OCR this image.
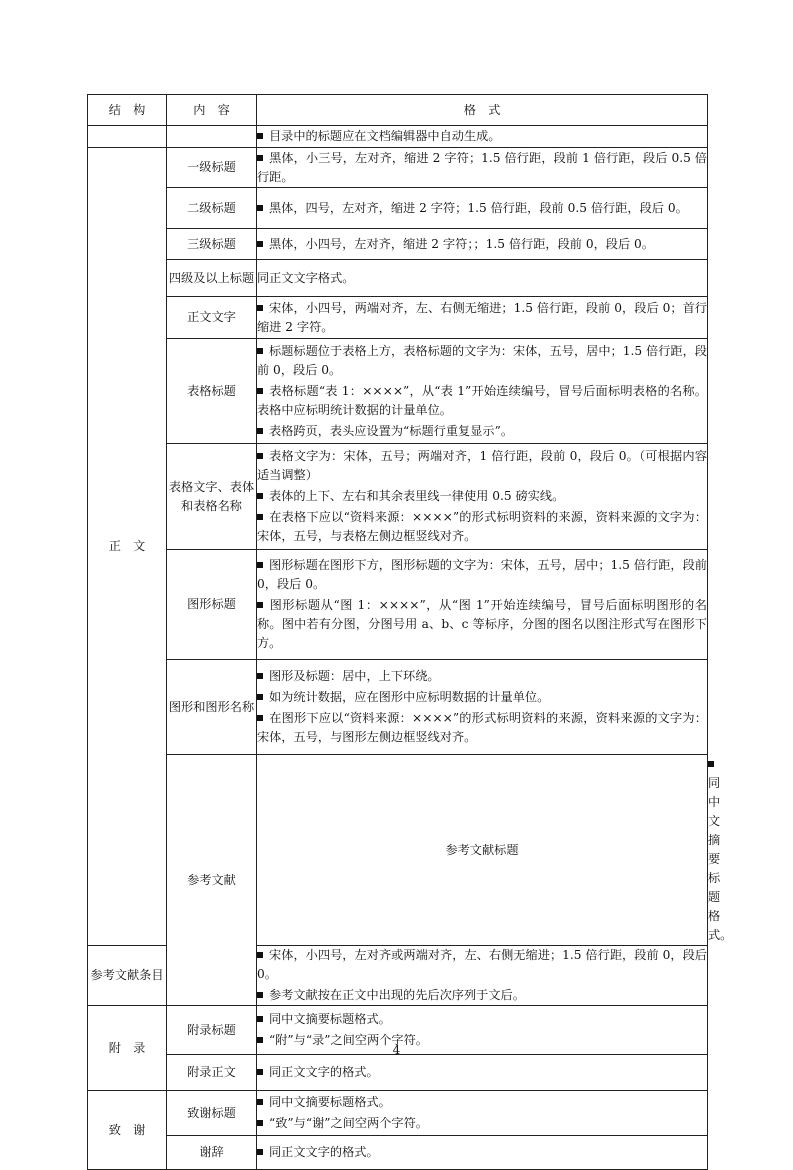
结　构	内　容	格　式	

		目录中的标题应在文档编辑器中自动生成。	

正　文	一级标题	黑体，小三号，左对齐，缩进 2 字符；1.5 倍行距，段前 1 倍行距，段后 0.5 倍行距。	

	二级标题	黑体，四号，左对齐，缩进 2 字符；1.5 倍行距，段前 0.5 倍行距，段后 0。	

	三级标题	黑体，小四号，左对齐，缩进 2 字符；；1.5 倍行距，段前 0，段后 0。	

	四级及以上标题	同正文文字格式。	
	正文文字	宋体，小四号，两端对齐，左、右侧无缩进；1.5 倍行距，段前 0，段后 0；首行缩进 2 字符。	

	表格标题	标题标题位于表格上方，表格标题的文字为：宋体，五号，居中；1.5 倍行距，段前 0，段后 0。
表格标题“表 1：××××”，从“表 1”开始连续编号，冒号后面标明表格的名称。表格中应标明统计数据的计量单位。
表格跨页，表头应设置为“标题行重复显示”。	

	表格文字、表体和表格名称	表格文字为：宋体，五号；两端对齐，1 倍行距，段前 0，段后 0。（可根据内容适当调整）
表体的上下、左右和其余表里线一律使用 0.5 磅实线。
在表格下应以“资料来源：××××”的形式标明资料的来源，资料来源的文字为：宋体，五号，与表格左侧边框竖线对齐。	

	图形标题	图形标题在图形下方，图形标题的文字为：宋体，五号，居中；1.5 倍行距，段前 0，段后 0。
图形标题从“图 1：××××”，从“图 1”开始连续编号，冒号后面标明图形的名称。图中若有分图，分图号用 a、b、c 等标序，分图的图名以图注形式写在图形下方。	

	图形和图形名称	图形及标题：居中，上下环绕。
如为统计数据，应在图形中应标明数据的计量单位。
在图形下应以“资料来源：××××”的形式标明资料的来源，资料来源的文字为：宋体，五号，与图形左侧边框竖线对齐。	

	参考文献	参考文献标题	同中文摘要标题格式。

参考文献条目		宋体，小四号，左对齐或两端对齐，左、右侧无缩进；1.5 倍行距，段前 0，段后 0。
参考文献按在正文中出现的先后次序列于文后。	

附　录	附录标题	同中文摘要标题格式。
“附”与“录”之间空两个字符。	

	附录正文	同正文文字的格式。	

致　谢	致谢标题	同中文摘要标题格式。
“致”与“谢”之间空两个字符。	

	谢辞	同正文文字的格式。	
4
